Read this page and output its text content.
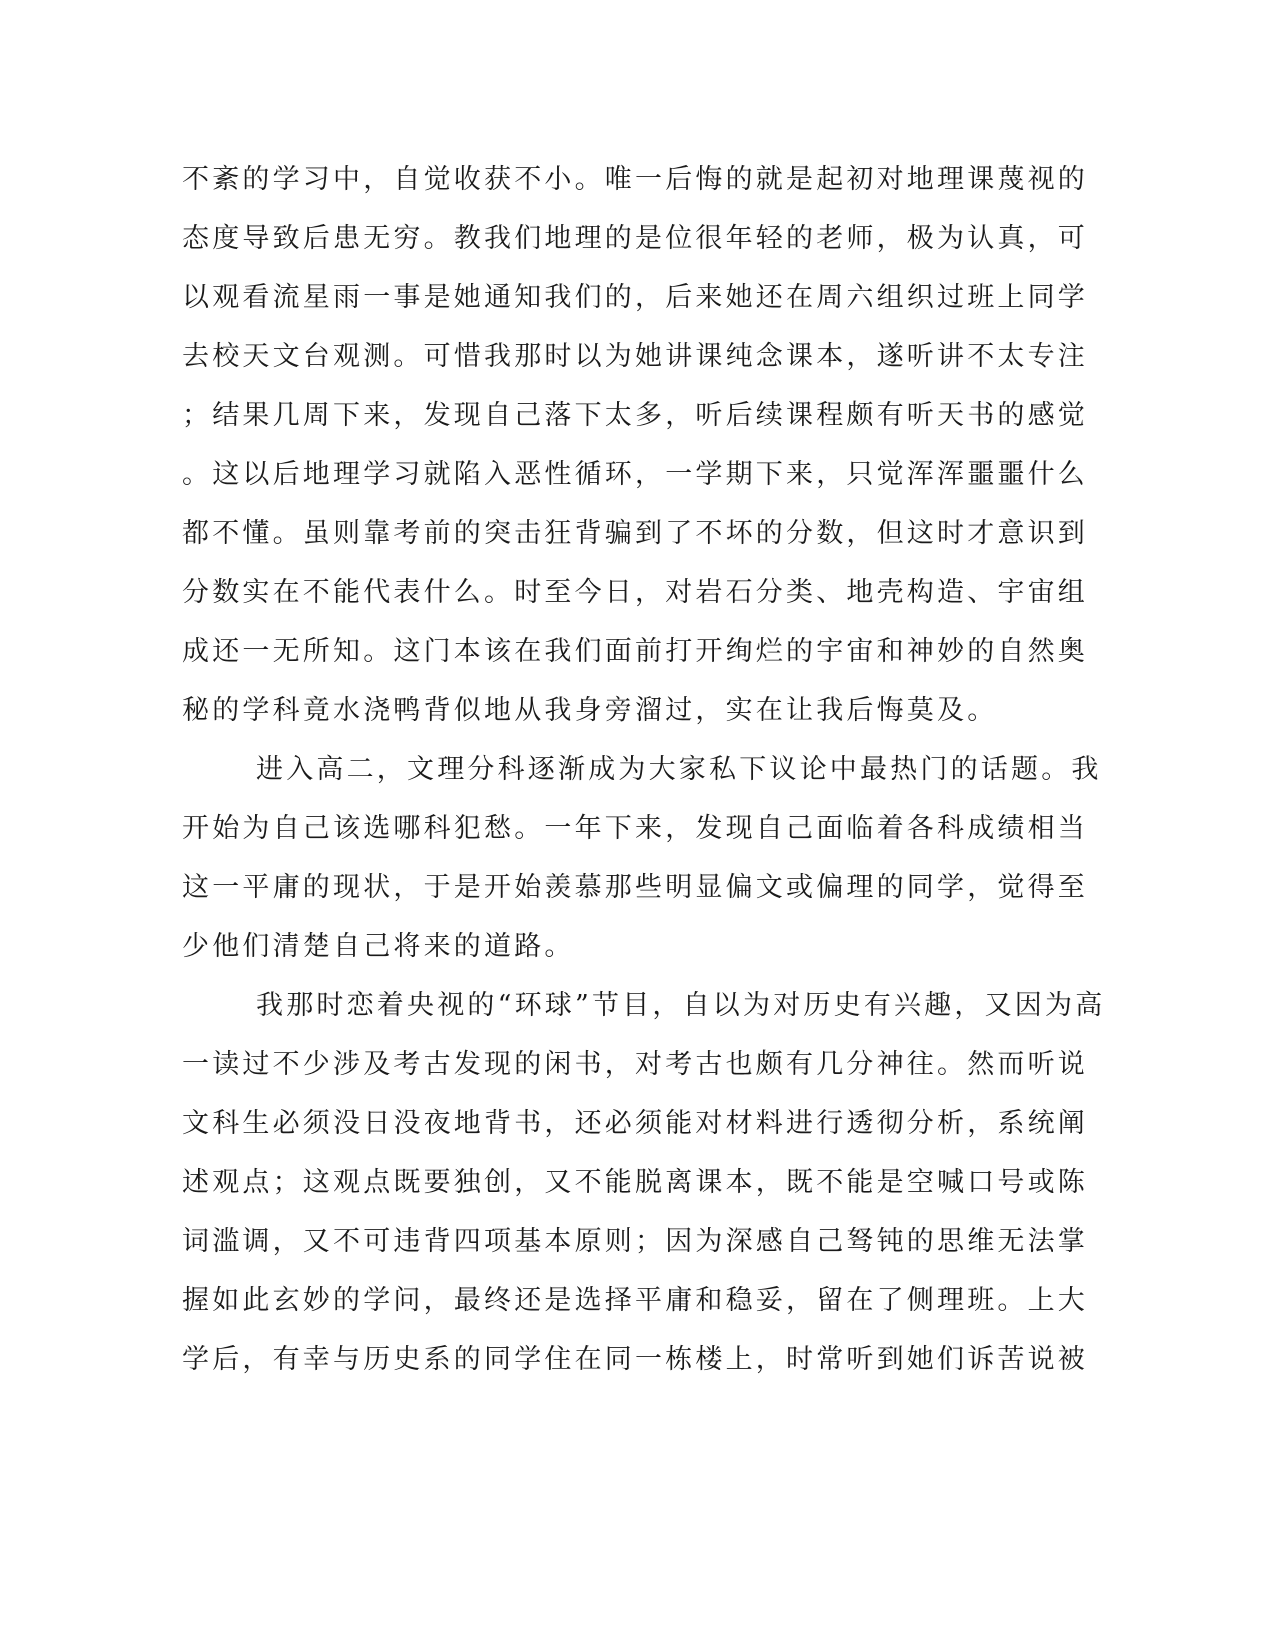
不紊的学习中，自觉收获不小。唯一后悔的就是起初对地理课蔑视的
态度导致后患无穷。教我们地理的是位很年轻的老师，极为认真，可
以观看流星雨一事是她通知我们的，后来她还在周六组织过班上同学
去校天文台观测。可惜我那时以为她讲课纯念课本，遂听讲不太专注
；结果几周下来，发现自己落下太多，听后续课程颇有听天书的感觉
。这以后地理学习就陷入恶性循环，一学期下来，只觉浑浑噩噩什么
都不懂。虽则靠考前的突击狂背骗到了不坏的分数，但这时才意识到
分数实在不能代表什么。时至今日，对岩石分类、地壳构造、宇宙组
成还一无所知。这门本该在我们面前打开绚烂的宇宙和神妙的自然奥
秘的学科竟水浇鸭背似地从我身旁溜过，实在让我后悔莫及。
进入高二，文理分科逐渐成为大家私下议论中最热门的话题。我
开始为自己该选哪科犯愁。一年下来，发现自己面临着各科成绩相当
这一平庸的现状，于是开始羡慕那些明显偏文或偏理的同学，觉得至
少他们清楚自己将来的道路。
我那时恋着央视的“环球”节目，自以为对历史有兴趣，又因为高
一读过不少涉及考古发现的闲书，对考古也颇有几分神往。然而听说
文科生必须没日没夜地背书，还必须能对材料进行透彻分析，系统阐
述观点；这观点既要独创，又不能脱离课本，既不能是空喊口号或陈
词滥调，又不可违背四项基本原则；因为深感自己驽钝的思维无法掌
握如此玄妙的学问，最终还是选择平庸和稳妥，留在了侧理班。上大
学后，有幸与历史系的同学住在同一栋楼上，时常听到她们诉苦说被
